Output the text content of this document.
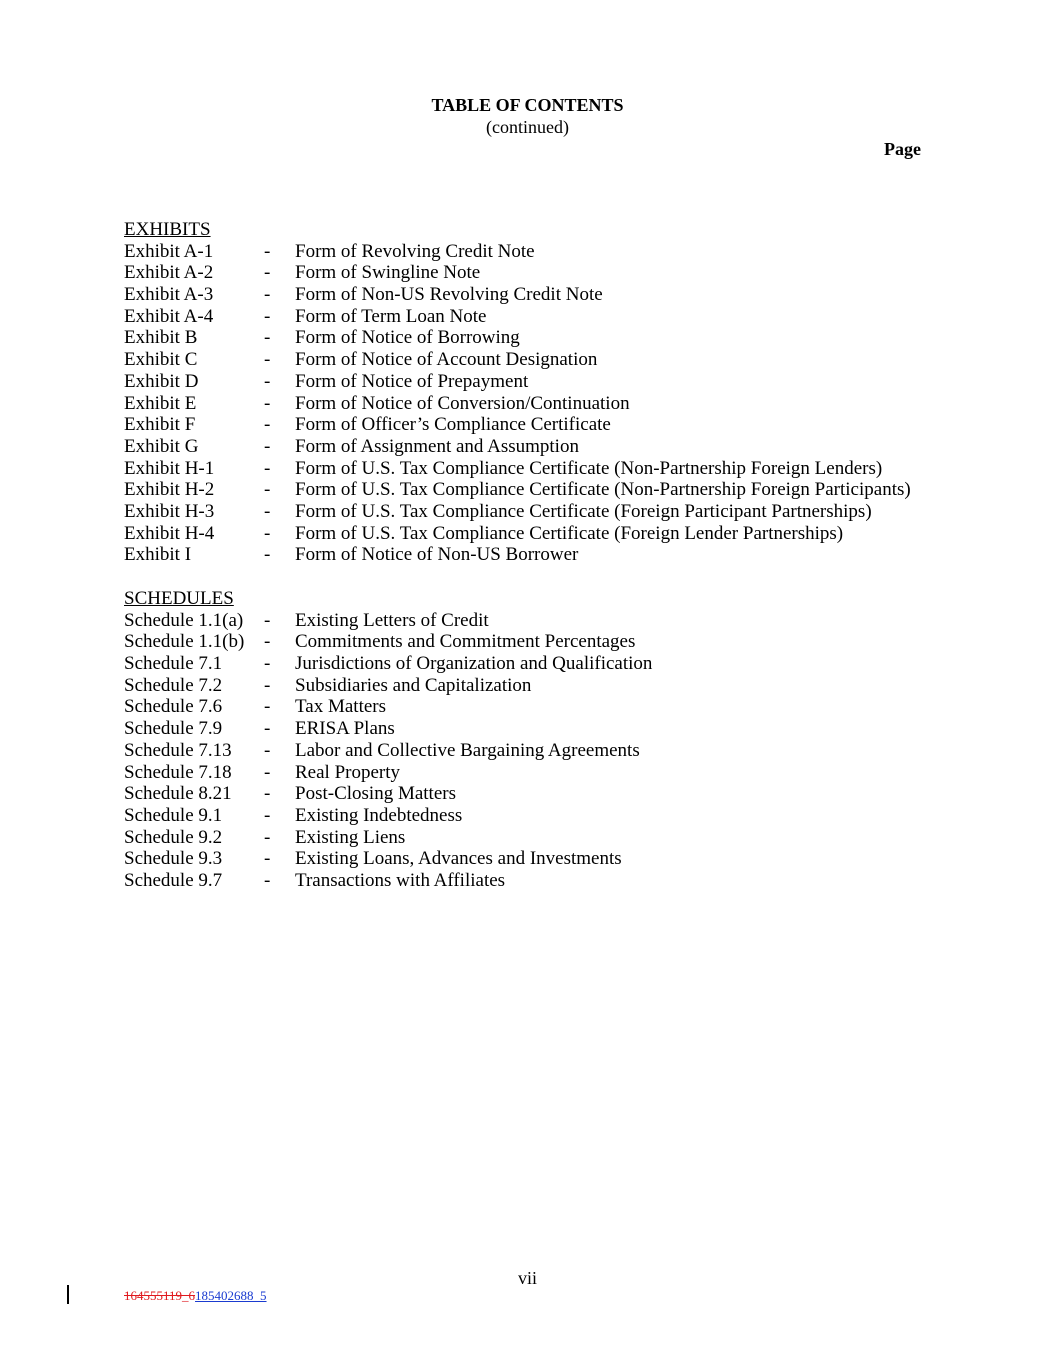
TABLE OF CONTENTS
(continued)
Page
EXHIBITS
Exhibit A-1	-	Form of Revolving Credit Note
Exhibit A-2	-	Form of Swingline Note
Exhibit A-3	-	Form of Non-US Revolving Credit Note
Exhibit A-4	-	Form of Term Loan Note
Exhibit B	-	Form of Notice of Borrowing
Exhibit C	-	Form of Notice of Account Designation
Exhibit D	-	Form of Notice of Prepayment
Exhibit E	-	Form of Notice of Conversion/Continuation
Exhibit F	-	Form of Officer’s Compliance Certificate
Exhibit G	-	Form of Assignment and Assumption
Exhibit H-1	-	Form of U.S. Tax Compliance Certificate (Non-Partnership Foreign Lenders)
Exhibit H-2	-	Form of U.S. Tax Compliance Certificate (Non-Partnership Foreign Participants)
Exhibit H-3	-	Form of U.S. Tax Compliance Certificate (Foreign Participant Partnerships)
Exhibit H-4	-	Form of U.S. Tax Compliance Certificate (Foreign Lender Partnerships)
Exhibit I	-	Form of Notice of Non-US Borrower
SCHEDULES
Schedule 1.1(a)	-	Existing Letters of Credit
Schedule 1.1(b)	-	Commitments and Commitment Percentages
Schedule 7.1	-	Jurisdictions of Organization and Qualification
Schedule 7.2	-	Subsidiaries and Capitalization
Schedule 7.6	-	Tax Matters
Schedule 7.9	-	ERISA Plans
Schedule 7.13	-	Labor and Collective Bargaining Agreements
Schedule 7.18	-	Real Property
Schedule 8.21	-	Post-Closing Matters
Schedule 9.1	-	Existing Indebtedness
Schedule 9.2	-	Existing Liens
Schedule 9.3	-	Existing Loans, Advances and Investments
Schedule 9.7	-	Transactions with Affiliates
vii
164555119_6185402688_5
